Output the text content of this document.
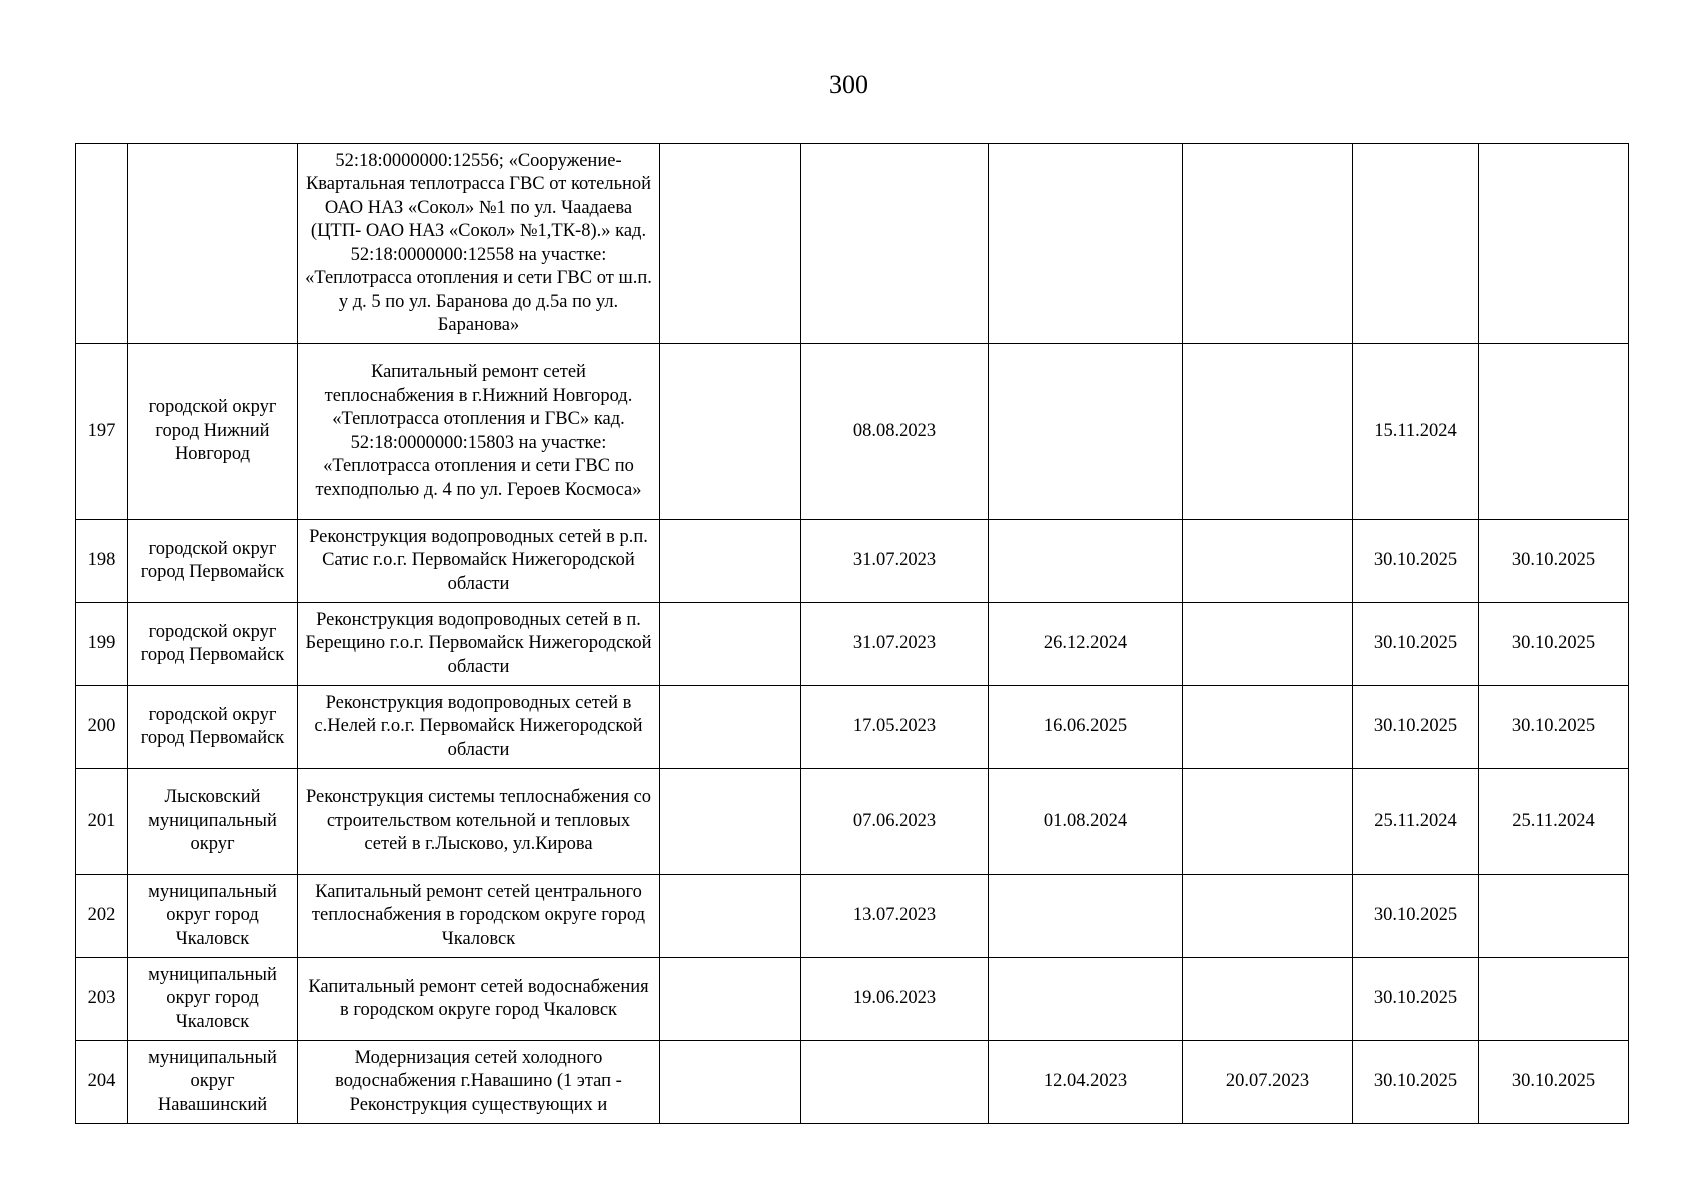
300
		52:18:0000000:12556; «Сооружение-Квартальная теплотрасса ГВС от котельной ОАО НАЗ «Сокол» №1 по ул. Чаадаева (ЦТП- ОАО НАЗ «Сокол» №1,ТК-8).» кад. 52:18:0000000:12558 на участке: «Теплотрасса отопления и сети ГВС от ш.п. у д. 5 по ул. Баранова до д.5а по ул. Баранова»						
197	городской округ город Нижний Новгород	Капитальный ремонт сетей теплоснабжения в г.Нижний Новгород. «Теплотрасса отопления и ГВС» кад. 52:18:0000000:15803 на участке: «Теплотрасса отопления и сети ГВС по техподполью д. 4 по ул. Героев Космоса»		08.08.2023			15.11.2024	
198	городской округ город Первомайск	Реконструкция водопроводных сетей в р.п. Сатис г.о.г. Первомайск Нижегородской области		31.07.2023			30.10.2025	30.10.2025
199	городской округ город Первомайск	Реконструкция водопроводных сетей в п. Берещино г.о.г. Первомайск Нижегородской области		31.07.2023	26.12.2024		30.10.2025	30.10.2025
200	городской округ город Первомайск	Реконструкция водопроводных сетей в с.Нелей г.о.г. Первомайск Нижегородской области		17.05.2023	16.06.2025		30.10.2025	30.10.2025
201	Лысковский муниципальный округ	Реконструкция системы теплоснабжения со строительством котельной и тепловых сетей в г.Лысково, ул.Кирова		07.06.2023	01.08.2024		25.11.2024	25.11.2024
202	муниципальный округ город Чкаловск	Капитальный ремонт сетей центрального теплоснабжения в городском округе город Чкаловск		13.07.2023			30.10.2025	
203	муниципальный округ город Чкаловск	Капитальный ремонт сетей водоснабжения в городском округе город Чкаловск		19.06.2023			30.10.2025	
204	муниципальный округ Навашинский	Модернизация сетей холодного водоснабжения г.Навашино (1 этап - Реконструкция существующих и			12.04.2023	20.07.2023	30.10.2025	30.10.2025
